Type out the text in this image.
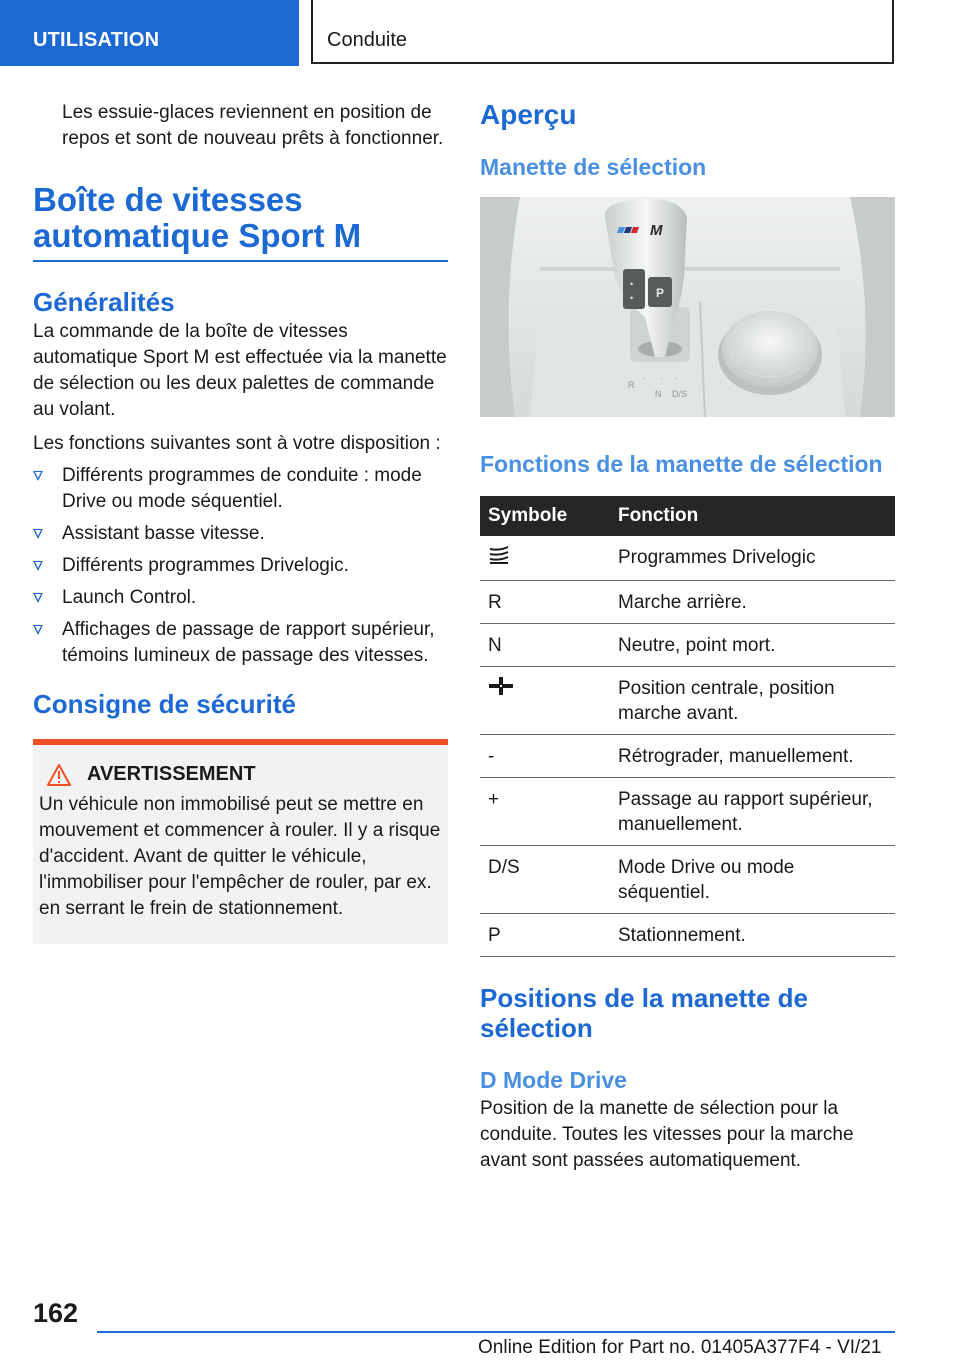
UTILISATION	Conduite

Les essuie-glaces reviennent en position de repos et sont de nouveau prêts à fonctionner.

Boîte de vitesses
automatique Sport M
Généralités

La commande de la boîte de vitesses automatique Sport M est effectuée via la manette de sélection ou les deux palettes de commande au volant.

Les fonctions suivantes sont à votre disposition :

Différents programmes de conduite : mode Drive ou mode séquentiel.
Assistant basse vitesse.
Différents programmes Drivelogic.
Launch Control.
Affichages de passage de rapport supérieur, témoins lumineux de passage des vitesses.
Consigne de sécurité
AVERTISSEMENT

Un véhicule non immobilisé peut se mettre en mouvement et commencer à rouler. Il y a risque d'accident. Avant de quitter le véhicule, l'immobiliser pour l'empêcher de rouler, par ex. en serrant le frein de stationnement.

Aperçu
Manette de sélection
P
•
•
M
R
· · ·
N D/S
Fonctions de la manette de sélection
Symbole	Fonction
	Programmes Drivelogic
R	Marche arrière.
N	Neutre, point mort.
	Position centrale, position marche avant.
-	Rétrograder, manuellement.
+	Passage au rapport supérieur, manuellement.
D/S	Mode Drive ou mode séquentiel.
P	Stationnement.
Positions de la manette de sélection
D Mode Drive

Position de la manette de sélection pour la conduite. Toutes les vitesses pour la marche avant sont passées automatiquement.

162
Online Edition for Part no. 01405A377F4 - VI/21
